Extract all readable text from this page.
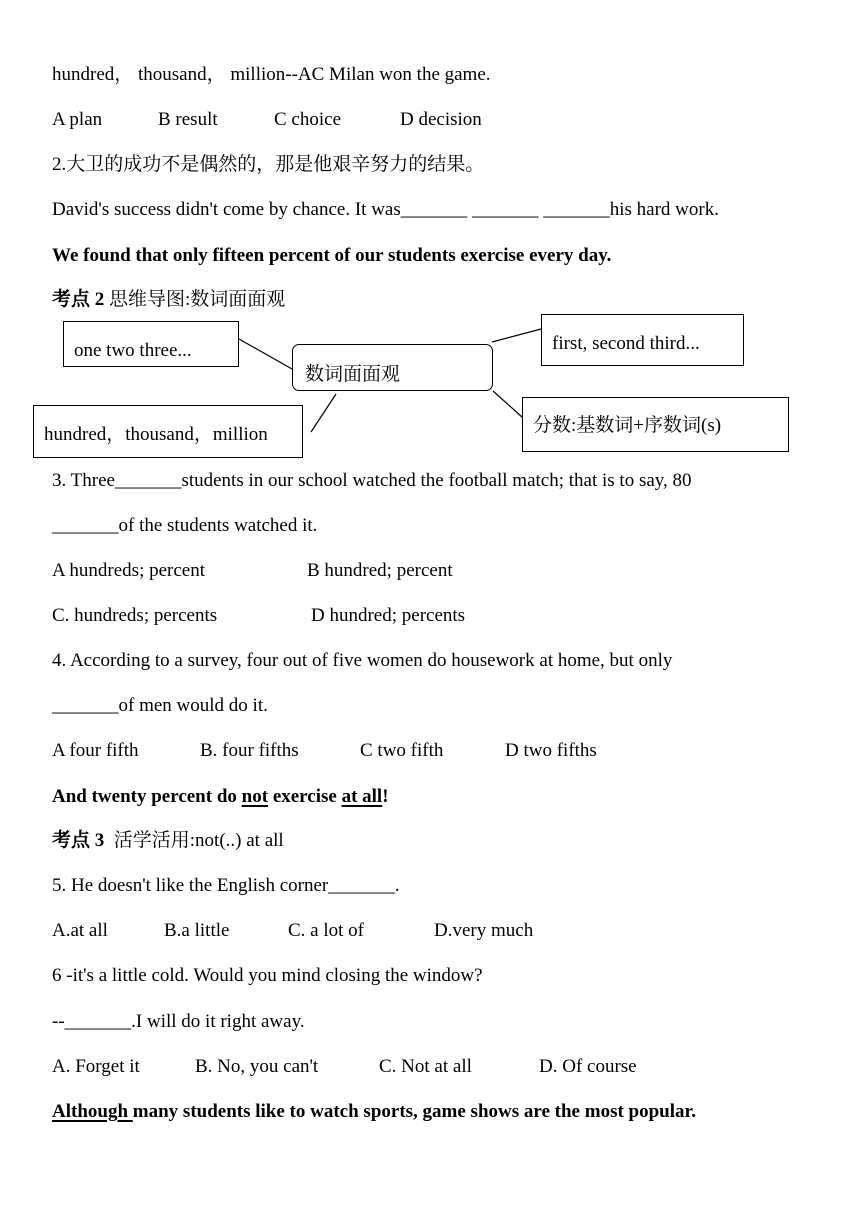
hundred， thousand， million--AC Milan won the game.
A plan	B result	C choice	D decision
2.大卫的成功不是偶然的，那是他艰辛努力的结果。
David's success didn't come by chance. It was_______ _______ _______his hard work.
We found that only fifteen percent of our students exercise every day.
考点 2 思维导图:数词面面观
one two three...
数词面面观
first, second third...
hundred，thousand，million	分数:基数词+序数词(s)
3. Three_______students in our school watched the football match; that is to say, 80
_______of the students watched it.
A hundreds; percent	B hundred; percent
C. hundreds; percents	D hundred; percents
4. According to a survey, four out of five women do housework at home, but only
_______of men would do it.
A four fifth	B. four fifths	C two fifth	D two fifths
And twenty percent do not exercise at all!
考点 3  活学活用:not(..) at all
5. He doesn't like the English corner_______.
A.at all	B.a little	C. a lot of	D.very much
6 -it's a little cold. Would you mind closing the window?
--_______.I will do it right away.
A. Forget it	B. No, you can't	C. Not at all	D. Of course
Although many students like to watch sports, game shows are the most popular.
